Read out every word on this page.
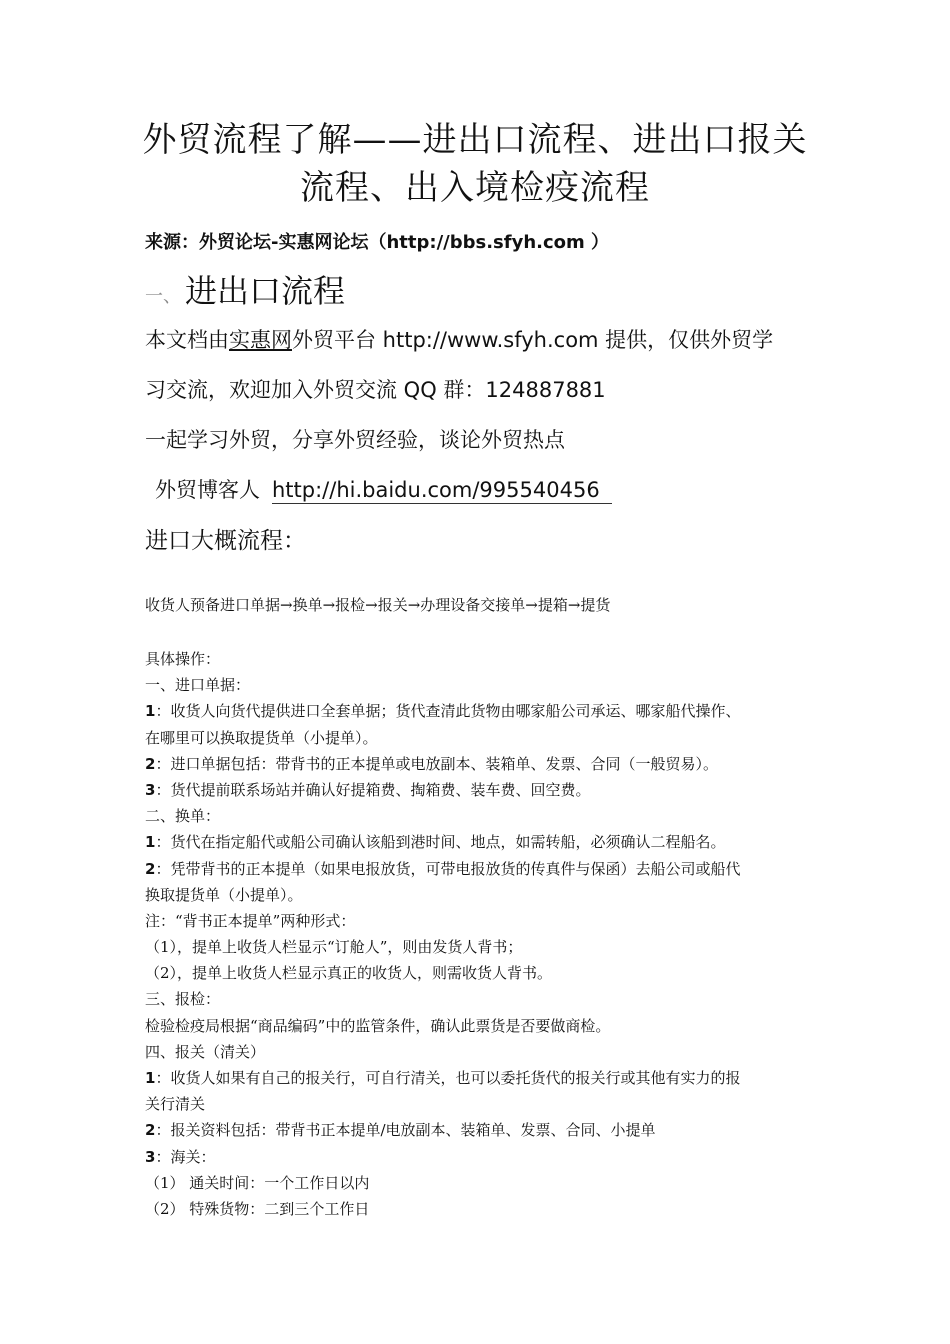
外贸流程了解——进出口流程、进出口报关
流程、出入境检疫流程
来源：外贸论坛-实惠网论坛（http://bbs.sfyh.com ）
一、 进出口流程
本文档由实惠网外贸平台 http://www.sfyh.com 提供，仅供外贸学
习交流，欢迎加入外贸交流 QQ 群：124887881
一起学习外贸，分享外贸经验，谈论外贸热点
外贸博客人 http://hi.baidu.com/995540456
进口大概流程：
收货人预备进口单据→换单→报检→报关→办理设备交接单→提箱→提货
具体操作：
一、进口单据：
1：收货人向货代提供进口全套单据；货代查清此货物由哪家船公司承运、哪家船代操作、
在哪里可以换取提货单（小提单）。
2：进口单据包括：带背书的正本提单或电放副本、装箱单、发票、合同（一般贸易）。
3：货代提前联系场站并确认好提箱费、掏箱费、装车费、回空费。
二、换单：
1：货代在指定船代或船公司确认该船到港时间、地点，如需转船，必须确认二程船名。
2：凭带背书的正本提单（如果电报放货，可带电报放货的传真件与保函）去船公司或船代
换取提货单（小提单）。
注：“背书正本提单”两种形式：
（1），提单上收货人栏显示“订舱人”，则由发货人背书；
（2），提单上收货人栏显示真正的收货人，则需收货人背书。
三、报检：
检验检疫局根据“商品编码”中的监管条件，确认此票货是否要做商检。
四、报关（清关）
1：收货人如果有自己的报关行，可自行清关，也可以委托货代的报关行或其他有实力的报
关行清关
2：报关资料包括：带背书正本提单/电放副本、装箱单、发票、合同、小提单
3：海关：
（1） 通关时间：一个工作日以内
（2） 特殊货物：二到三个工作日
